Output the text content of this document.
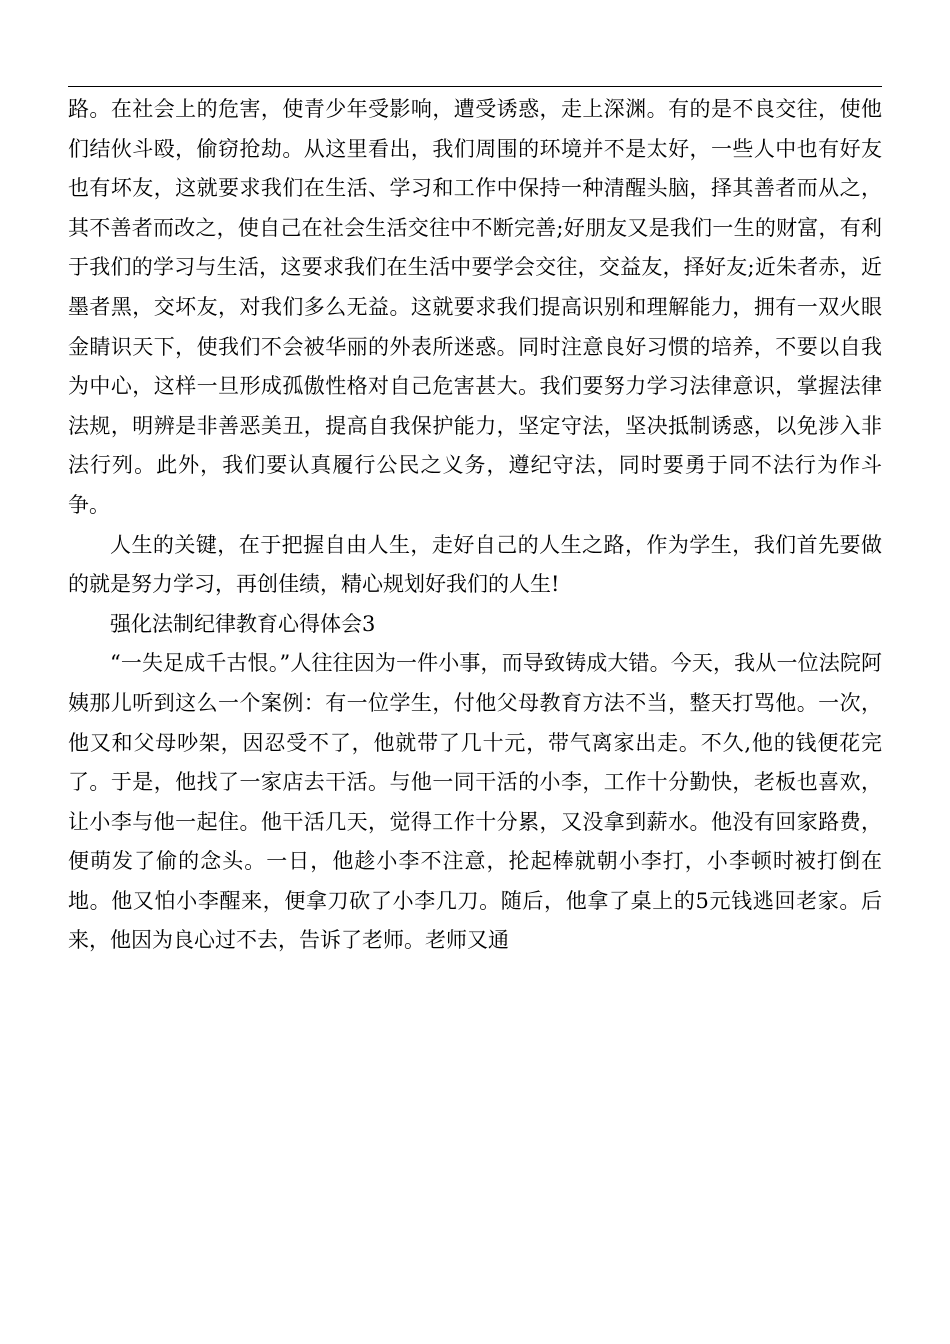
路。在社会上的危害，使青少年受影响，遭受诱惑，走上深渊。有的是不良交往，使他们结伙斗殴，偷窃抢劫。从这里看出，我们周围的环境并不是太好，一些人中也有好友也有坏友，这就要求我们在生活、学习和工作中保持一种清醒头脑，择其善者而从之，其不善者而改之，使自己在社会生活交往中不断完善;好朋友又是我们一生的财富，有利于我们的学习与生活，这要求我们在生活中要学会交往，交益友，择好友;近朱者赤，近墨者黑，交坏友，对我们多么无益。这就要求我们提高识别和理解能力，拥有一双火眼金睛识天下，使我们不会被华丽的外表所迷惑。同时注意良好习惯的培养，不要以自我为中心，这样一旦形成孤傲性格对自己危害甚大。我们要努力学习法律意识，掌握法律法规，明辨是非善恶美丑，提高自我保护能力，坚定守法，坚决抵制诱惑，以免涉入非法行列。此外，我们要认真履行公民之义务，遵纪守法，同时要勇于同不法行为作斗争。

人生的关键，在于把握自由人生，走好自己的人生之路，作为学生，我们首先要做的就是努力学习，再创佳绩，精心规划好我们的人生!

强化法制纪律教育心得体会3

“一失足成千古恨。”人往往因为一件小事，而导致铸成大错。今天，我从一位法院阿姨那儿听到这么一个案例：有一位学生，付他父母教育方法不当，整天打骂他。一次，他又和父母吵架，因忍受不了，他就带了几十元，带气离家出走。不久,他的钱便花完了。于是，他找了一家店去干活。与他一同干活的小李，工作十分勤快，老板也喜欢，让小李与他一起住。他干活几天，觉得工作十分累，又没拿到薪水。他没有回家路费，便萌发了偷的念头。一日，他趁小李不注意，抡起棒就朝小李打，小李顿时被打倒在地。他又怕小李醒来，便拿刀砍了小李几刀。随后，他拿了桌上的5元钱逃回老家。后来，他因为良心过不去，告诉了老师。老师又通
